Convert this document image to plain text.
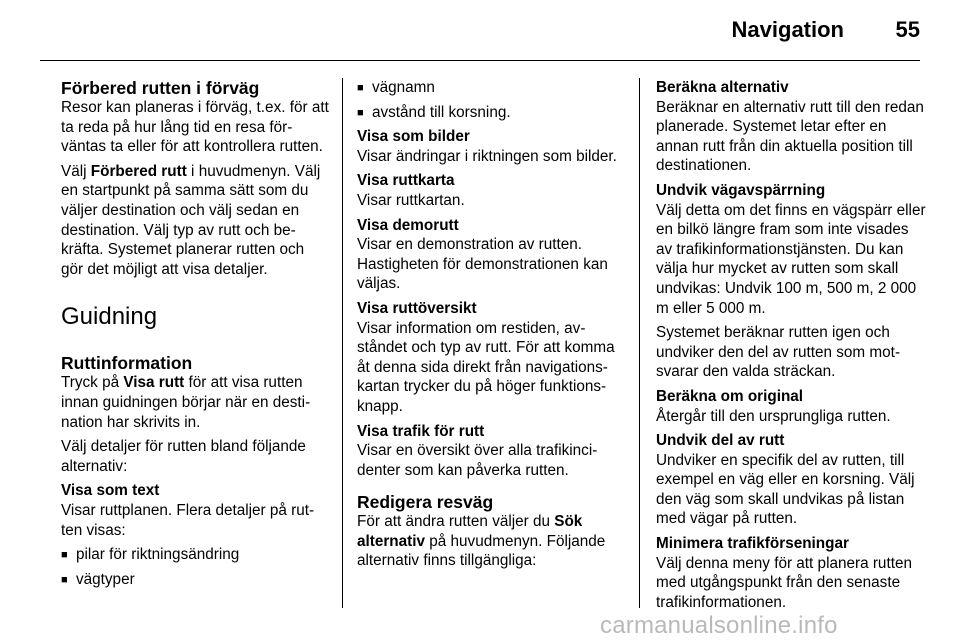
Navigation 55
Förbered rutten i förväg

Resor kan planeras i förväg, t.ex. för att ta reda på hur lång tid en resa förväntas ta eller för att kontrollera rutten.

Välj Förbered rutt i huvudmenyn. Välj en startpunkt på samma sätt som du väljer destination och välj sedan en destination. Välj typ av rutt och bekräfta. Systemet planerar rutten och gör det möjligt att visa detaljer.

Guidning
Ruttinformation

Tryck på Visa rutt för att visa rutten innan guidningen börjar när en destination har skrivits in.

Välj detaljer för rutten bland följande alternativ:

Visa som text

Visar ruttplanen. Flera detaljer på rutten visas:

■ pilar för riktningsändring
■ vägtyper
■ vägnamn
■ avstånd till korsning.
Visa som bilder

Visar ändringar i riktningen som bilder.

Visa ruttkarta

Visar ruttkartan.

Visa demorutt

Visar en demonstration av rutten. Hastigheten för demonstrationen kan väljas.

Visa ruttöversikt

Visar information om restiden, avståndet och typ av rutt. För att komma åt denna sida direkt från navigationskartan trycker du på höger funktionsknapp.

Visa trafik för rutt

Visar en översikt över alla trafikincidenter som kan påverka rutten.

Redigera resväg

För att ändra rutten väljer du Sök alternativ på huvudmenyn. Följande alternativ finns tillgängliga:

Beräkna alternativ

Beräknar en alternativ rutt till den redan planerade. Systemet letar efter en annan rutt från din aktuella position till destinationen.

Undvik vägavspärrning

Välj detta om det finns en vägspärr eller en bilkö längre fram som inte visades av trafikinformationstjänsten. Du kan välja hur mycket av rutten som skall undvikas: Undvik 100 m, 500 m, 2 000 m eller 5 000 m.

Systemet beräknar rutten igen och undviker den del av rutten som motsvarar den valda sträckan.

Beräkna om original

Återgår till den ursprungliga rutten.

Undvik del av rutt

Undviker en specifik del av rutten, till exempel en väg eller en korsning. Välj den väg som skall undvikas på listan med vägar på rutten.

Minimera trafikförseningar

Välj denna meny för att planera rutten med utgångspunkt från den senaste trafikinformationen.

carmanualsonline.info
